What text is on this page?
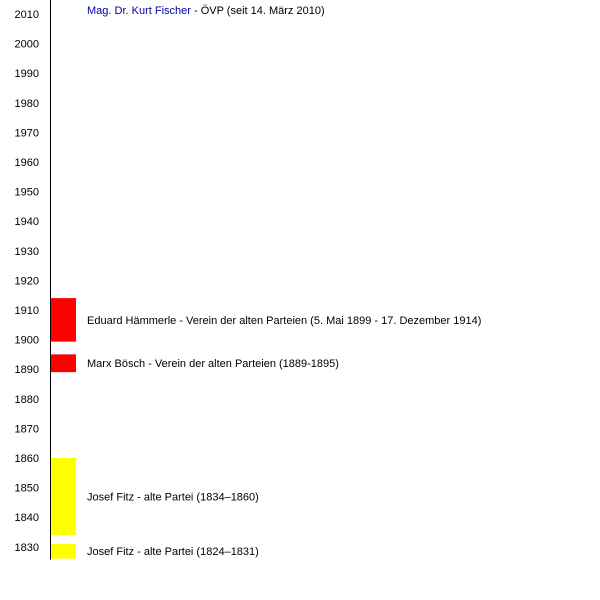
2010
2000
1990
1980
1970
1960
1950
1940
1930
1920
1910
1900
1890
1880
1870
1860
1850
1840
1830	Josef Fitz - alte Partei (1824–1831)
Josef Fitz - alte Partei (1834–1860)
Marx Bösch - Verein der alten Parteien (1889-1895)
Eduard Hämmerle - Verein der alten Parteien (5. Mai 1899 - 17. Dezember 1914)
Mag. Dr. Kurt Fischer - ÖVP (seit 14. März 2010)
